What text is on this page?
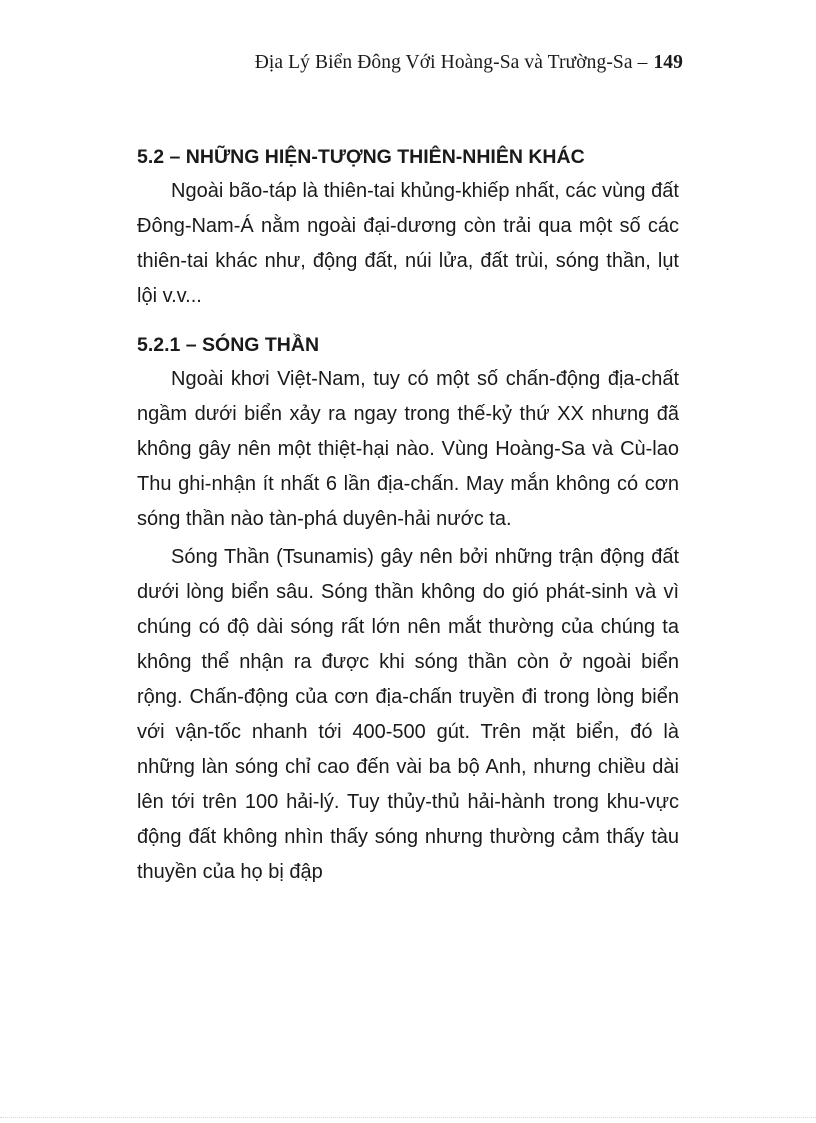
Địa Lý Biển Đông Với Hoàng-Sa và Trường-Sa – 149
5.2 – NHỮNG HIỆN-TƯỢNG THIÊN-NHIÊN KHÁC

Ngoài bão-táp là thiên-tai khủng-khiếp nhất, các vùng đất Đông-Nam-Á nằm ngoài đại-dương còn trải qua một số các thiên-tai khác như, động đất, núi lửa, đất trùi, sóng thần, lụt lội v.v...

5.2.1 – SÓNG THẦN

Ngoài khơi Việt-Nam, tuy có một số chấn-động địa-chất ngầm dưới biển xảy ra ngay trong thế-kỷ thứ XX nhưng đã không gây nên một thiệt-hại nào. Vùng Hoàng-Sa và Cù-lao Thu ghi-nhận ít nhất 6 lần địa-chấn. May mắn không có cơn sóng thần nào tàn-phá duyên-hải nước ta.

Sóng Thần (Tsunamis) gây nên bởi những trận động đất dưới lòng biển sâu. Sóng thần không do gió phát-sinh và vì chúng có độ dài sóng rất lớn nên mắt thường của chúng ta không thể nhận ra được khi sóng thần còn ở ngoài biển rộng. Chấn-động của cơn địa-chấn truyền đi trong lòng biển với vận-tốc nhanh tới 400-500 gút. Trên mặt biển, đó là những làn sóng chỉ cao đến vài ba bộ Anh, nhưng chiều dài lên tới trên 100 hải-lý. Tuy thủy-thủ hải-hành trong khu-vực động đất không nhìn thấy sóng nhưng thường cảm thấy tàu thuyền của họ bị đập
